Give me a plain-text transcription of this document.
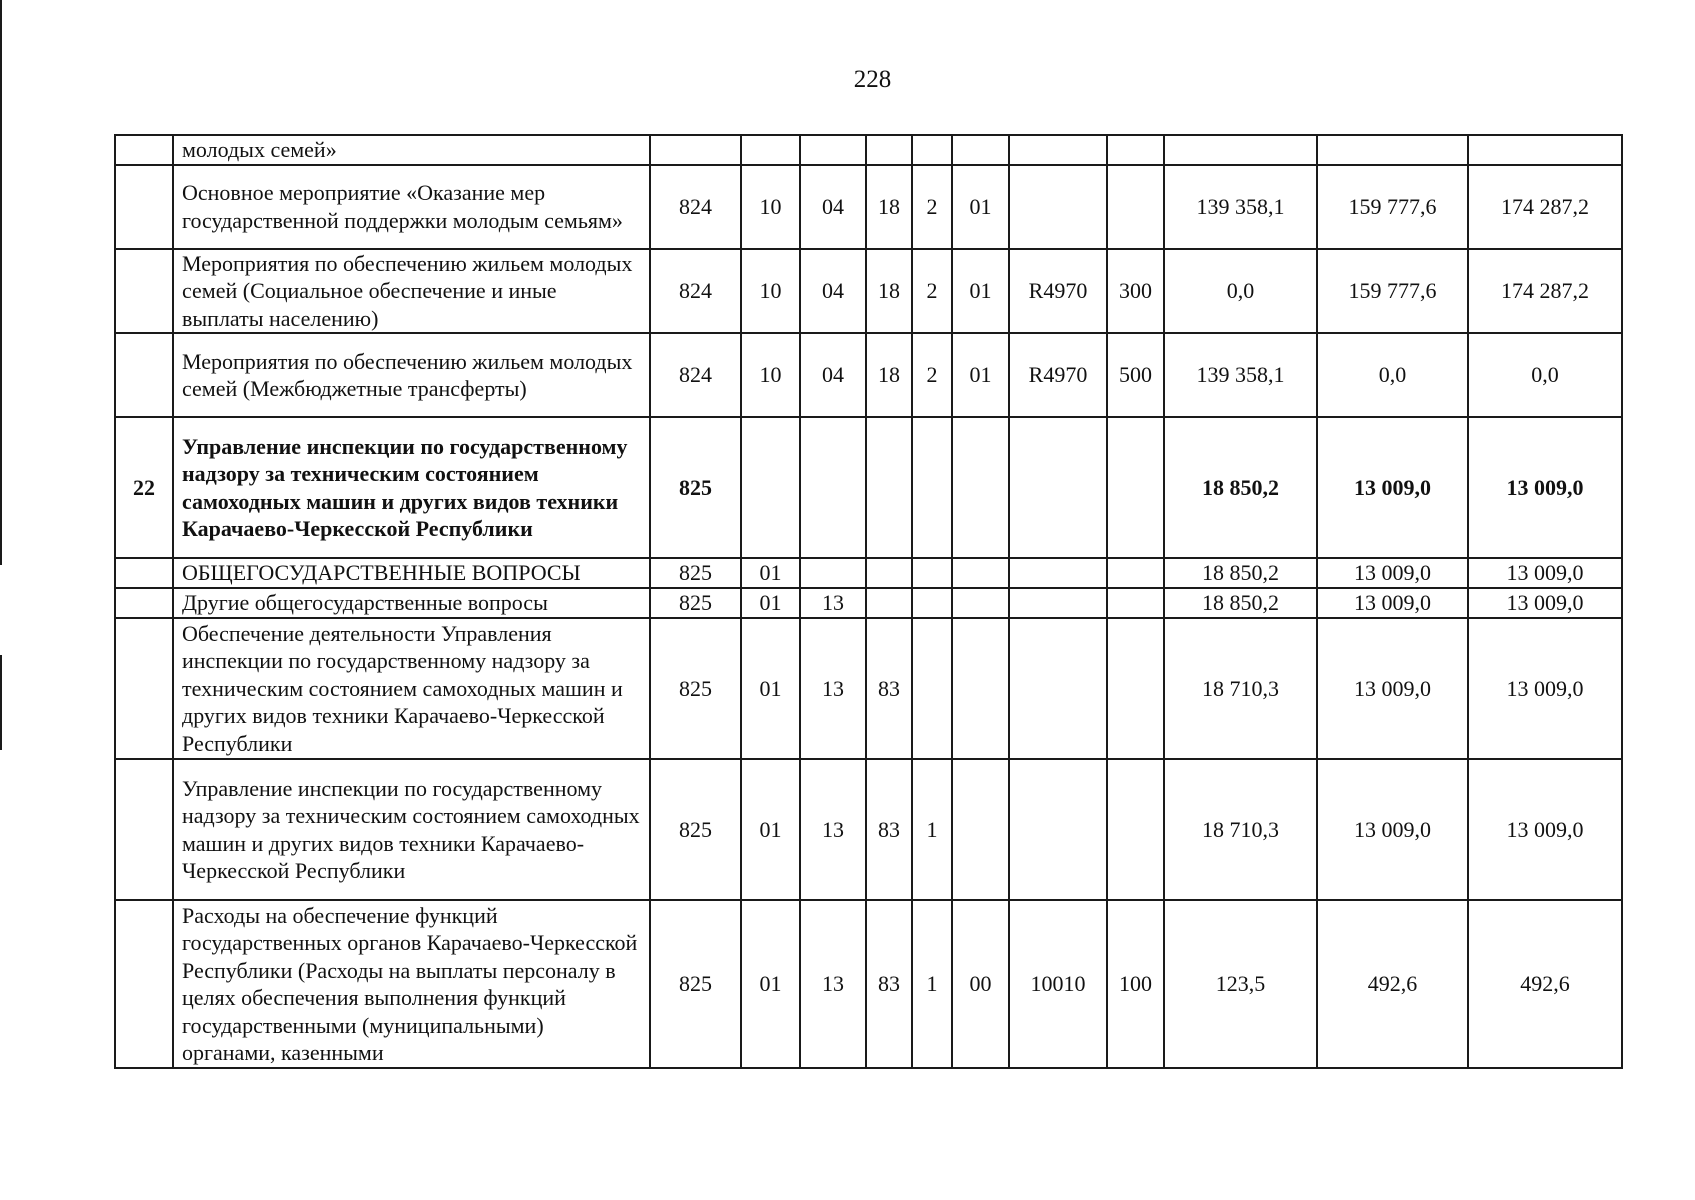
228
	молодых семей»											
	Основное мероприятие «Оказание мер государственной поддержки молодым семьям»	824	10	04	18	2	01			139 358,1	159 777,6	174 287,2
	Мероприятия по обеспечению жильем молодых семей (Социальное обеспечение и иные выплаты населению)	824	10	04	18	2	01	R4970	300	0,0	159 777,6	174 287,2
	Мероприятия по обеспечению жильем молодых семей (Межбюджетные трансферты)	824	10	04	18	2	01	R4970	500	139 358,1	0,0	0,0
22	Управление инспекции по государственному надзору за техническим состоянием самоходных машин и других видов техники Карачаево-Черкесской Республики	825								18 850,2	13 009,0	13 009,0
	ОБЩЕГОСУДАРСТВЕННЫЕ ВОПРОСЫ	825	01							18 850,2	13 009,0	13 009,0
	Другие общегосударственные вопросы	825	01	13						18 850,2	13 009,0	13 009,0
	Обеспечение деятельности Управления инспекции по государственному надзору за техническим состоянием самоходных машин и других видов техники Карачаево-Черкесской Республики	825	01	13	83					18 710,3	13 009,0	13 009,0
	Управление инспекции по государственному надзору за техническим состоянием самоходных машин и других видов техники Карачаево-Черкесской Республики	825	01	13	83	1				18 710,3	13 009,0	13 009,0
	Расходы на обеспечение функций государственных органов Карачаево-Черкесской Республики (Расходы на выплаты персоналу в целях обеспечения выполнения функций государственными (муниципальными) органами, казенными	825	01	13	83	1	00	10010	100	123,5	492,6	492,6
